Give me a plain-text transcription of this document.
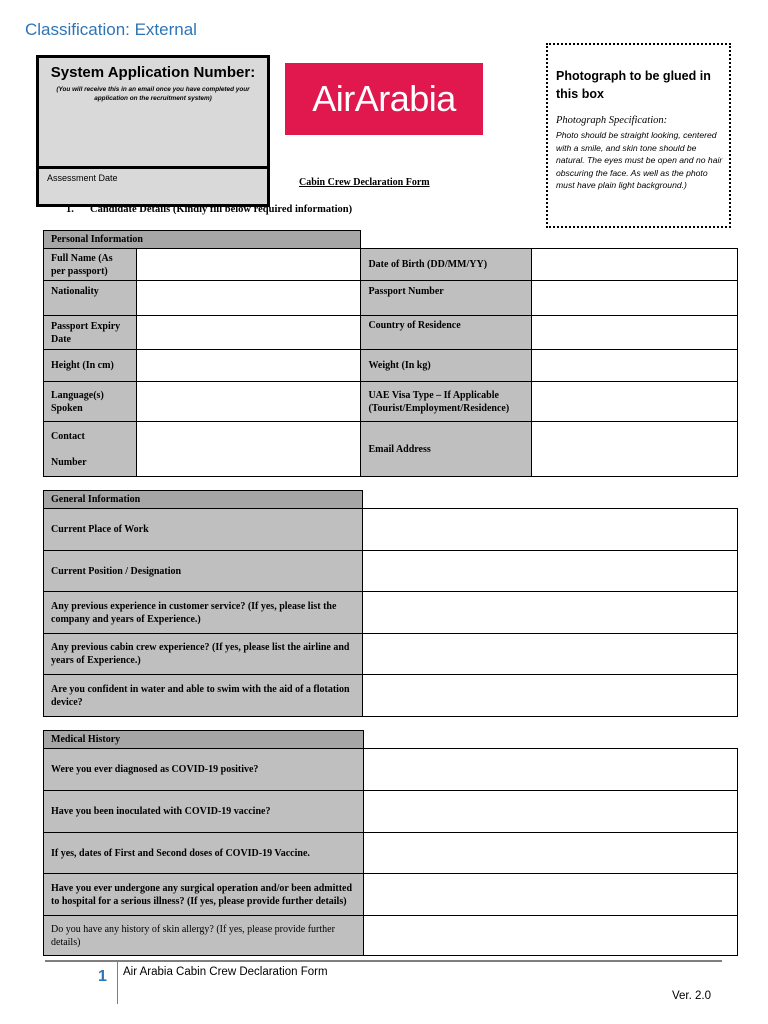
Classification: External
System Application Number:
(You will receive this in an email once you have completed your application on the recruitment system)
Assessment Date
AirArabia
Photograph to be glued in this box
Photograph Specification:
Photo should be straight looking, centered with a smile, and skin tone should be natural. The eyes must be open and no hair obscuring the face. As well as the photo must have plain light background.)
Cabin Crew Declaration Form
1. Candidate Details (Kindly fill below required information)
Personal Information			
Full Name (As per passport)		Date of Birth (DD/MM/YY)	
Nationality		Passport Number	
Passport Expiry Date		Country of Residence	
Height (In cm)		Weight (In kg)	
Language(s) Spoken		UAE Visa Type – If Applicable (Tourist/Employment/Residence)	

Contact
Number		Email Address	
General Information	
Current Place of Work	
Current Position / Designation	
Any previous experience in customer service? (If yes, please list the company and years of Experience.)	
Any previous cabin crew experience? (If yes, please list the airline and years of Experience.)	
Are you confident in water and able to swim with the aid of a flotation device?	
Medical History	
Were you ever diagnosed as COVID-19 positive?	
Have you been inoculated with COVID-19 vaccine?	
If yes, dates of First and Second doses of COVID-19 Vaccine.	
Have you ever undergone any surgical operation and/or been admitted to hospital for a serious illness? (If yes, please provide further details)	
Do you have any history of skin allergy? (If yes, please provide further details)	
1 Air Arabia Cabin Crew Declaration Form
Ver. 2.0
